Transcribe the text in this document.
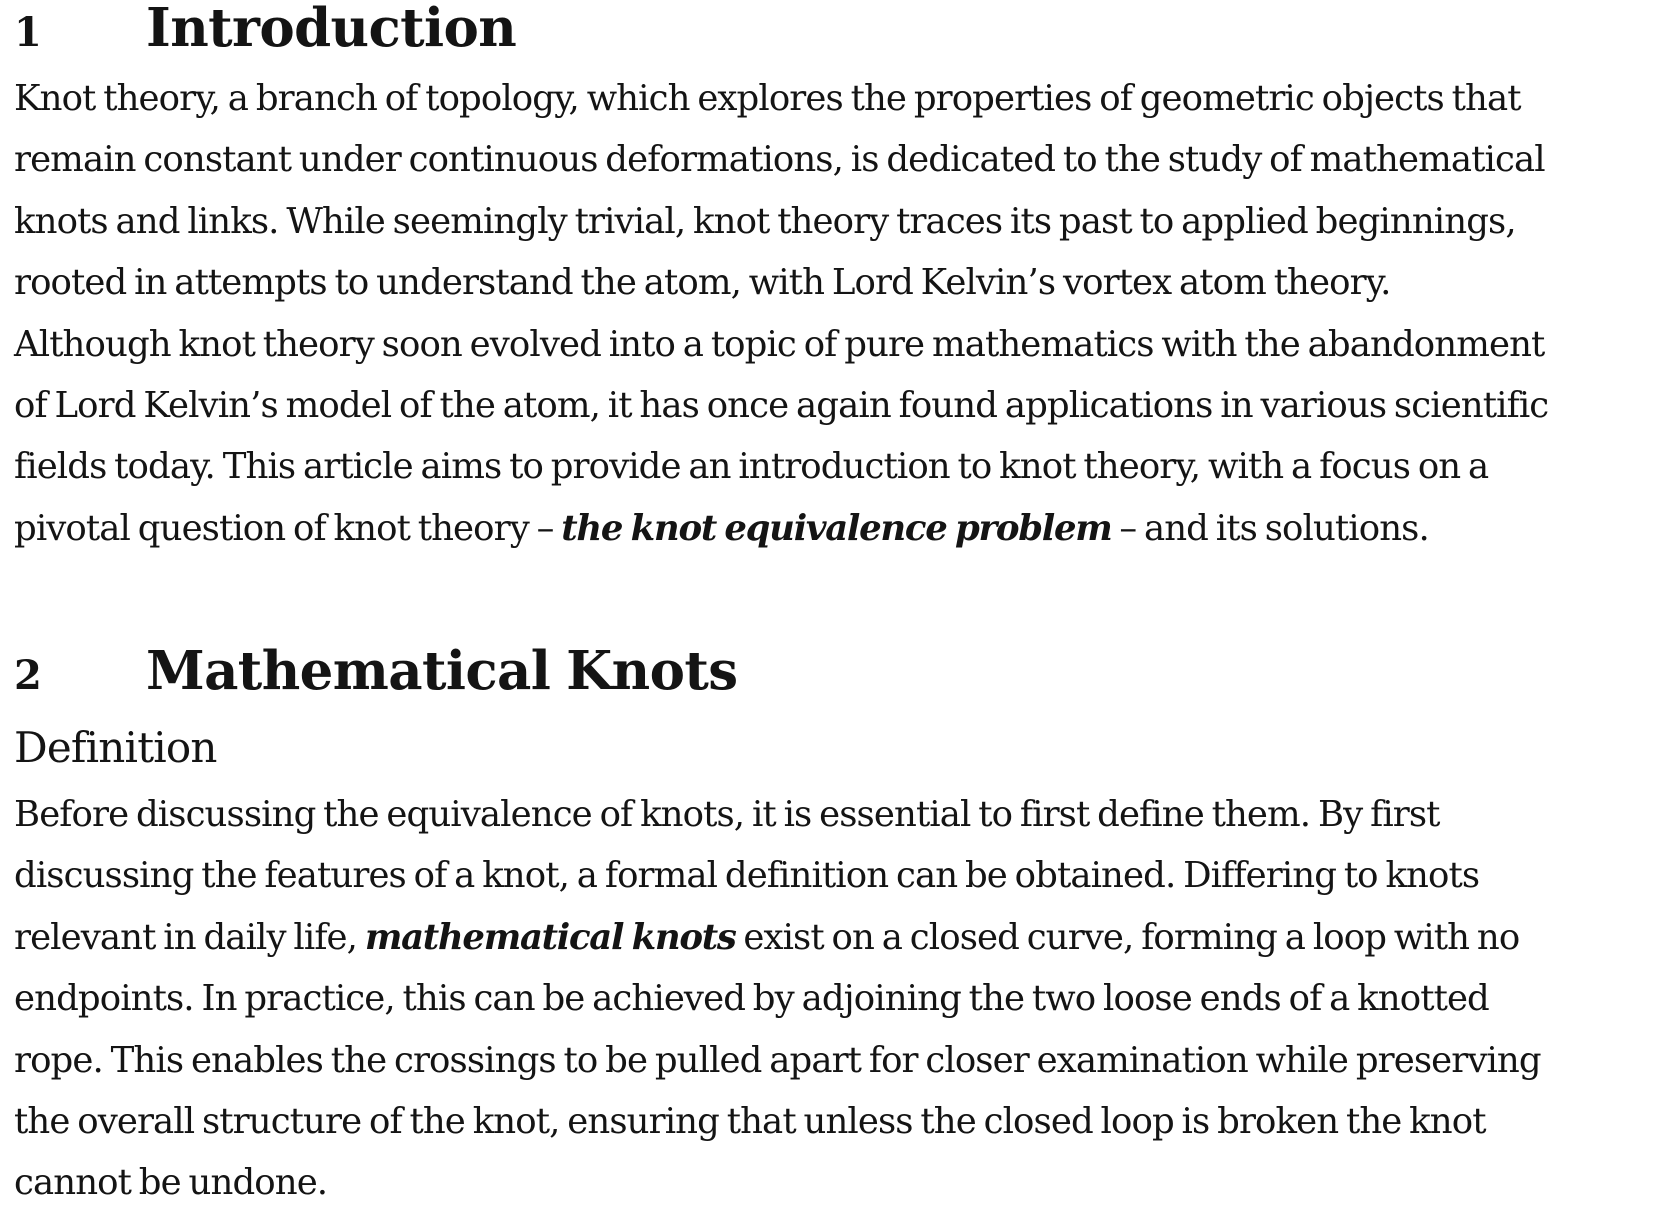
1	Introduction

Knot theory, a branch of topology, which explores the properties of geometric objects that
remain constant under continuous deformations, is dedicated to the study of mathematical
knots and links. While seemingly trivial, knot theory traces its past to applied beginnings,
rooted in attempts to understand the atom, with Lord Kelvin’s vortex atom theory.
Although knot theory soon evolved into a topic of pure mathematics with the abandonment
of Lord Kelvin’s model of the atom, it has once again found applications in various scientific
fields today. This article aims to provide an introduction to knot theory, with a focus on a
pivotal question of knot theory – the knot equivalence problem – and its solutions.

2	Mathematical Knots
Definition

Before discussing the equivalence of knots, it is essential to first define them. By first
discussing the features of a knot, a formal definition can be obtained. Differing to knots
relevant in daily life, mathematical knots exist on a closed curve, forming a loop with no
endpoints. In practice, this can be achieved by adjoining the two loose ends of a knotted
rope. This enables the crossings to be pulled apart for closer examination while preserving
the overall structure of the knot, ensuring that unless the closed loop is broken the knot
cannot be undone.
